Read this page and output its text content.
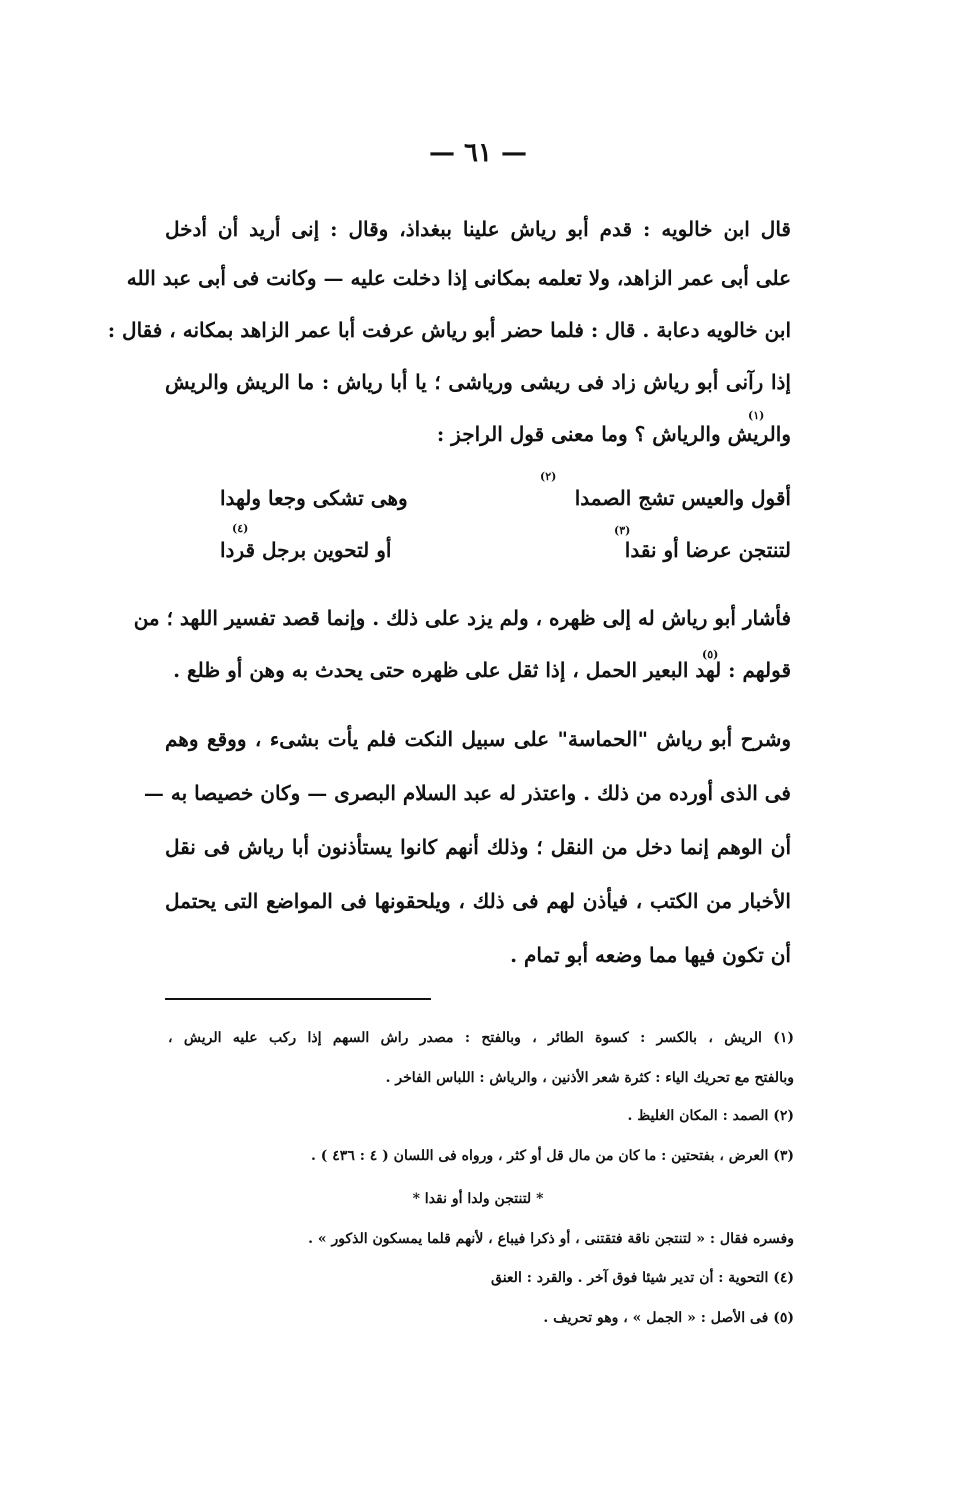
— ٦١ —
قال ابن خالويه : قدم أبو رياش علينا ببغداذ، وقال : إنى أريد أن أدخل
على أبى عمر الزاهد، ولا تعلمه بمكانى إذا دخلت عليه — وكانت فى أبى عبد الله
ابن خالويه دعابة . قال : فلما حضر أبو رياش عرفت أبا عمر الزاهد بمكانه ، فقال :
إذا رآنى أبو رياش زاد فى ريشى ورياشى ؛ يا أبا رياش : ما الريش والريش
والريش والرياش ؟ وما معنى قول الراجز :
فأشار أبو رياش له إلى ظهره ، ولم يزد على ذلك . وإنما قصد تفسير اللهد ؛ من
قولهم : لهد البعير الحمل ، إذا ثقل على ظهره حتى يحدث به وهن أو ظلع .
وشرح أبو رياش "الحماسة" على سبيل النكت فلم يأت بشىء ، ووقع وهم
فى الذى أورده من ذلك . واعتذر له عبد السلام البصرى — وكان خصيصا به —
أن الوهم إنما دخل من النقل ؛ وذلك أنهم كانوا يستأذنون أبا رياش فى نقل
الأخبار من الكتب ، فيأذن لهم فى ذلك ، ويلحقونها فى المواضع التى يحتمل
أن تكون فيها مما وضعه أبو تمام .
(١)
(٢)
(٣)
(٤)
(٥)
أقول والعيس تشج الصمدا
وهى تشكى وجعا ولهدا
لتنتجن عرضا أو نقدا
أو لتحوين برجل قردا
(١) الريش ، بالكسر : كسوة الطائر ، وبالفتح : مصدر راش السهم إذا ركب عليه الريش ،
وبالفتح مع تحريك الياء : كثرة شعر الأذنين ، والرياش : اللباس الفاخر .
(٢) الصمد : المكان الغليظ .
(٣) العرض ، بفتحتين : ما كان من مال قل أو كثر ، ورواه فى اللسان ( ٤ : ٤٣٦ ) .
* لتنتجن ولدا أو نقدا *
وفسره فقال : « لتنتجن ناقة فتقتنى ، أو ذكرا فيباع ، لأنهم قلما يمسكون الذكور » .
(٤) التحوية : أن تدير شيئا فوق آخر . والقرد : العنق
(٥) فى الأصل : « الجمل » ، وهو تحريف .
